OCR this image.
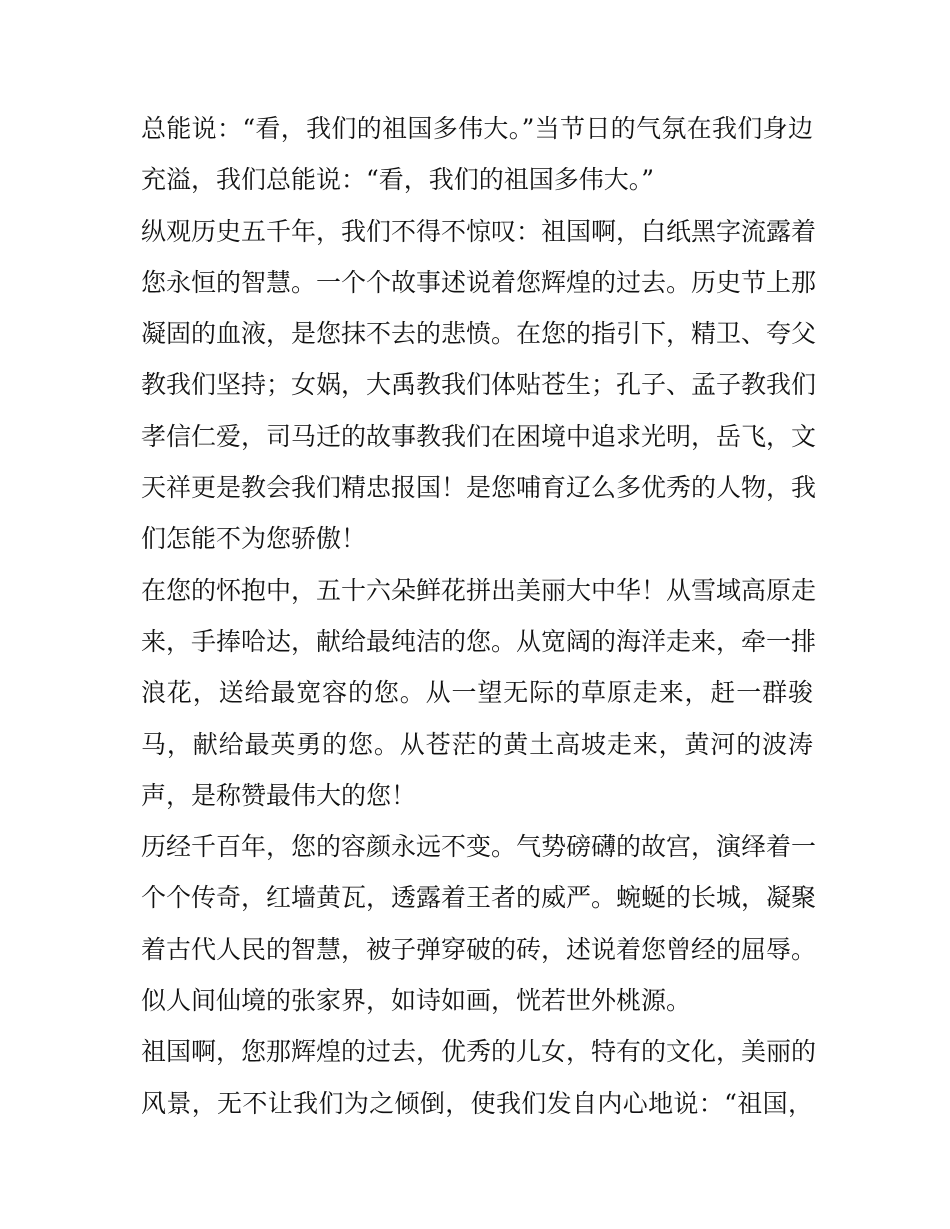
总能说：“看，我们的祖国多伟大。”当节日的气氛在我们身边
充溢，我们总能说：“看，我们的祖国多伟大。”
纵观历史五千年，我们不得不惊叹：祖国啊，白纸黑字流露着
您永恒的智慧。一个个故事述说着您辉煌的过去。历史节上那
凝固的血液，是您抹不去的悲愤。在您的指引下，精卫、夸父
教我们坚持；女娲，大禹教我们体贴苍生；孔子、孟子教我们
孝信仁爱，司马迁的故事教我们在困境中追求光明，岳飞，文
天祥更是教会我们精忠报国！是您哺育辽么多优秀的人物，我
们怎能不为您骄傲！
在您的怀抱中，五十六朵鲜花拼出美丽大中华！从雪域高原走
来，手捧哈达，献给最纯洁的您。从宽阔的海洋走来，牵一排
浪花，送给最宽容的您。从一望无际的草原走来，赶一群骏
马，献给最英勇的您。从苍茫的黄土高坡走来，黄河的波涛
声，是称赞最伟大的您！
历经千百年，您的容颜永远不变。气势磅礴的故宫，演绎着一
个个传奇，红墙黄瓦，透露着王者的威严。蜿蜒的长城，凝聚
着古代人民的智慧，被子弹穿破的砖，述说着您曾经的屈辱。
似人间仙境的张家界，如诗如画，恍若世外桃源。
祖国啊，您那辉煌的过去，优秀的儿女，特有的文化，美丽的
风景，无不让我们为之倾倒，使我们发自内心地说：“祖国，
